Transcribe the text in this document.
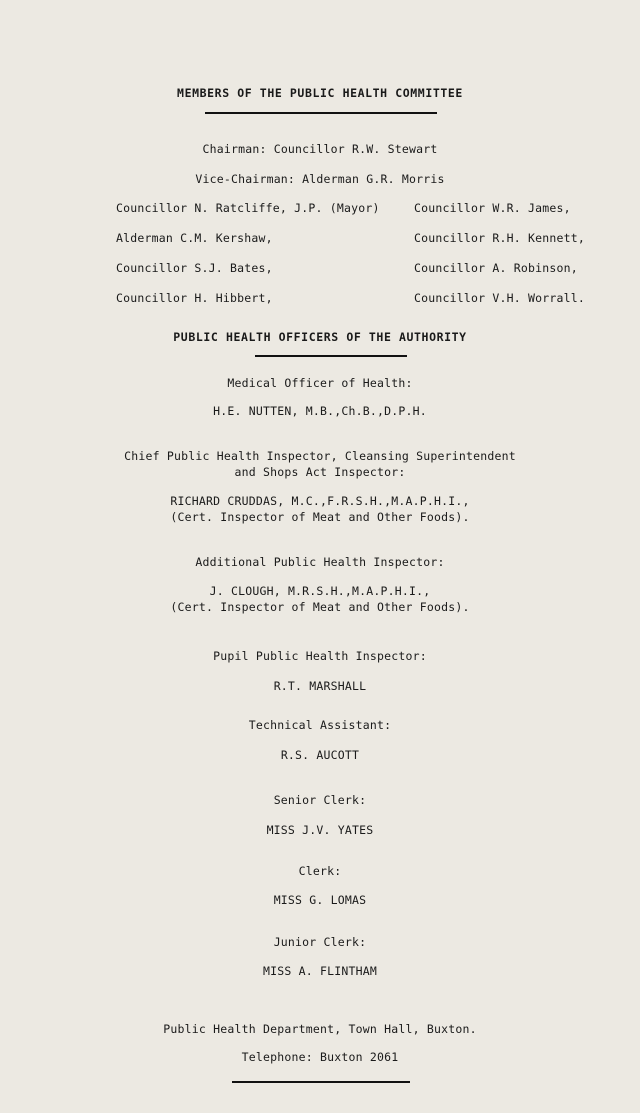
MEMBERS OF THE PUBLIC HEALTH COMMITTEE
Chairman: Councillor R.W. Stewart
Vice-Chairman: Alderman G.R. Morris
Councillor N. Ratcliffe, J.P. (Mayor)
Alderman C.M. Kershaw,
Councillor S.J. Bates,
Councillor H. Hibbert,
Councillor W.R. James,
Councillor R.H. Kennett,
Councillor A. Robinson,
Councillor V.H. Worrall.
PUBLIC HEALTH OFFICERS OF THE AUTHORITY
Medical Officer of Health:
H.E. NUTTEN, M.B.,Ch.B.,D.P.H.
Chief Public Health Inspector, Cleansing Superintendent
and Shops Act Inspector:
RICHARD CRUDDAS, M.C.,F.R.S.H.,M.A.P.H.I.,
(Cert. Inspector of Meat and Other Foods).
Additional Public Health Inspector:
J. CLOUGH, M.R.S.H.,M.A.P.H.I.,
(Cert. Inspector of Meat and Other Foods).
Pupil Public Health Inspector:
R.T. MARSHALL
Technical Assistant:
R.S. AUCOTT
Senior Clerk:
MISS J.V. YATES
Clerk:
MISS G. LOMAS
Junior Clerk:
MISS A. FLINTHAM
Public Health Department, Town Hall, Buxton.
Telephone: Buxton 2061
